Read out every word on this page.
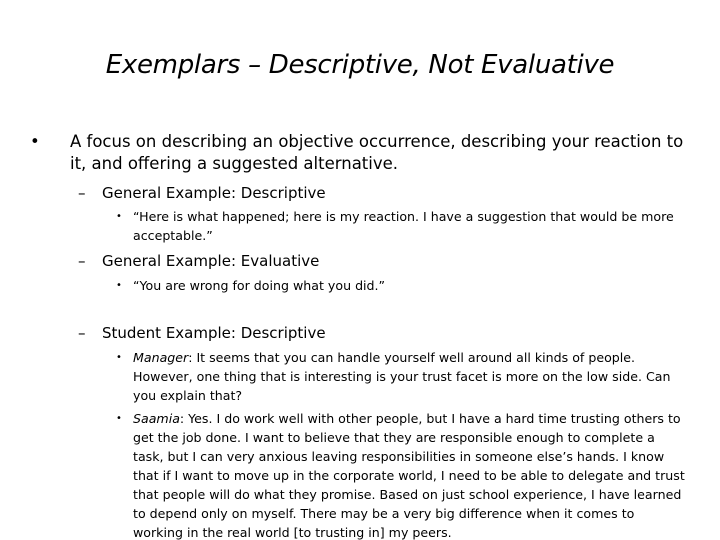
Exemplars – Descriptive, Not Evaluative
• A focus on describing an objective occurrence, describing your reaction to it, and offering a suggested alternative.
– General Example: Descriptive
• “Here is what happened; here is my reaction. I have a suggestion that would be more acceptable.”
– General Example: Evaluative
• “You are wrong for doing what you did.”
– Student Example: Descriptive
• Manager: It seems that you can handle yourself well around all kinds of people. However, one thing that is interesting is your trust facet is more on the low side. Can you explain that?
• Saamia: Yes. I do work well with other people, but I have a hard time trusting others to get the job done. I want to believe that they are responsible enough to complete a task, but I can very anxious leaving responsibilities in someone else’s hands. I know that if I want to move up in the corporate world, I need to be able to delegate and trust that people will do what they promise. Based on just school experience, I have learned to depend only on myself. There may be a very big difference when it comes to working in the real world [to trusting in] my peers.
